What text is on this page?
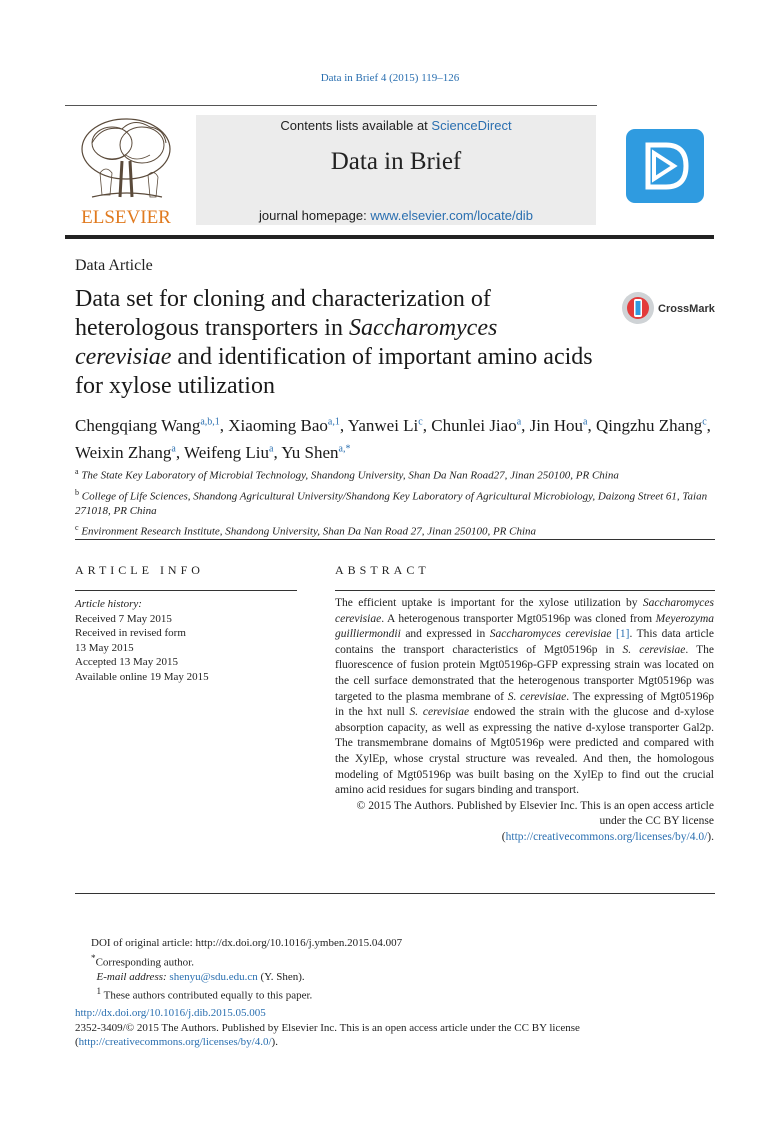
Data in Brief 4 (2015) 119–126
ELSEVIER
Contents lists available at ScienceDirect
Data in Brief
journal homepage: www.elsevier.com/locate/dib
Data Article
Data set for cloning and characterization of heterologous transporters in Saccharomyces cerevisiae and identification of important amino acids for xylose utilization
CrossMark
Chengqiang Wang$^{a,b,1}$, Xiaoming Bao$^{a,1}$, Yanwei Li$^c$, Chunlei Jiao$^a$, Jin Hou$^a$, Qingzhu Zhang$^c$, Weixin Zhang$^a$, Weifeng Liu$^a$, Yu Shen$^{a,*}$
$^a$ The State Key Laboratory of Microbial Technology, Shandong University, Shan Da Nan Road27, Jinan 250100, PR China
$^b$ College of Life Sciences, Shandong Agricultural University/Shandong Key Laboratory of Agricultural Microbiology, Daizong Street 61, Taian 271018, PR China
$^c$ Environment Research Institute, Shandong University, Shan Da Nan Road 27, Jinan 250100, PR China
ARTICLE INFO
Article history:
Received 7 May 2015
Received in revised form
13 May 2015
Accepted 13 May 2015
Available online 19 May 2015
ABSTRACT
The efficient uptake is important for the xylose utilization by Saccharomyces cerevisiae. A heterogenous transporter Mgt05196p was cloned from Meyerozyma guilliermondii and expressed in Saccharomyces cerevisiae [1]. This data article contains the transport characteristics of Mgt05196p in S. cerevisiae. The fluorescence of fusion protein Mgt05196p-GFP expressing strain was located on the cell surface demonstrated that the heterogenous transporter Mgt05196p was targeted to the plasma membrane of S. cerevisiae. The expressing of Mgt05196p in the hxt null S. cerevisiae endowed the strain with the glucose and d-xylose absorption capacity, as well as expressing the native d-xylose transporter Gal2p. The transmembrane domains of Mgt05196p were predicted and compared with the XylEp, whose crystal structure was revealed. And then, the homologous modeling of Mgt05196p was built basing on the XylEp to find out the crucial amino acid residues for sugars binding and transport.
© 2015 The Authors. Published by Elsevier Inc. This is an open access article under the CC BY license
(http://creativecommons.org/licenses/by/4.0/).
DOI of original article: http://dx.doi.org/10.1016/j.ymben.2015.04.007
*Corresponding author.
E-mail address: shenyu@sdu.edu.cn (Y. Shen).
$^1$ These authors contributed equally to this paper.
http://dx.doi.org/10.1016/j.dib.2015.05.005
2352-3409/© 2015 The Authors. Published by Elsevier Inc. This is an open access article under the CC BY license
(http://creativecommons.org/licenses/by/4.0/).
